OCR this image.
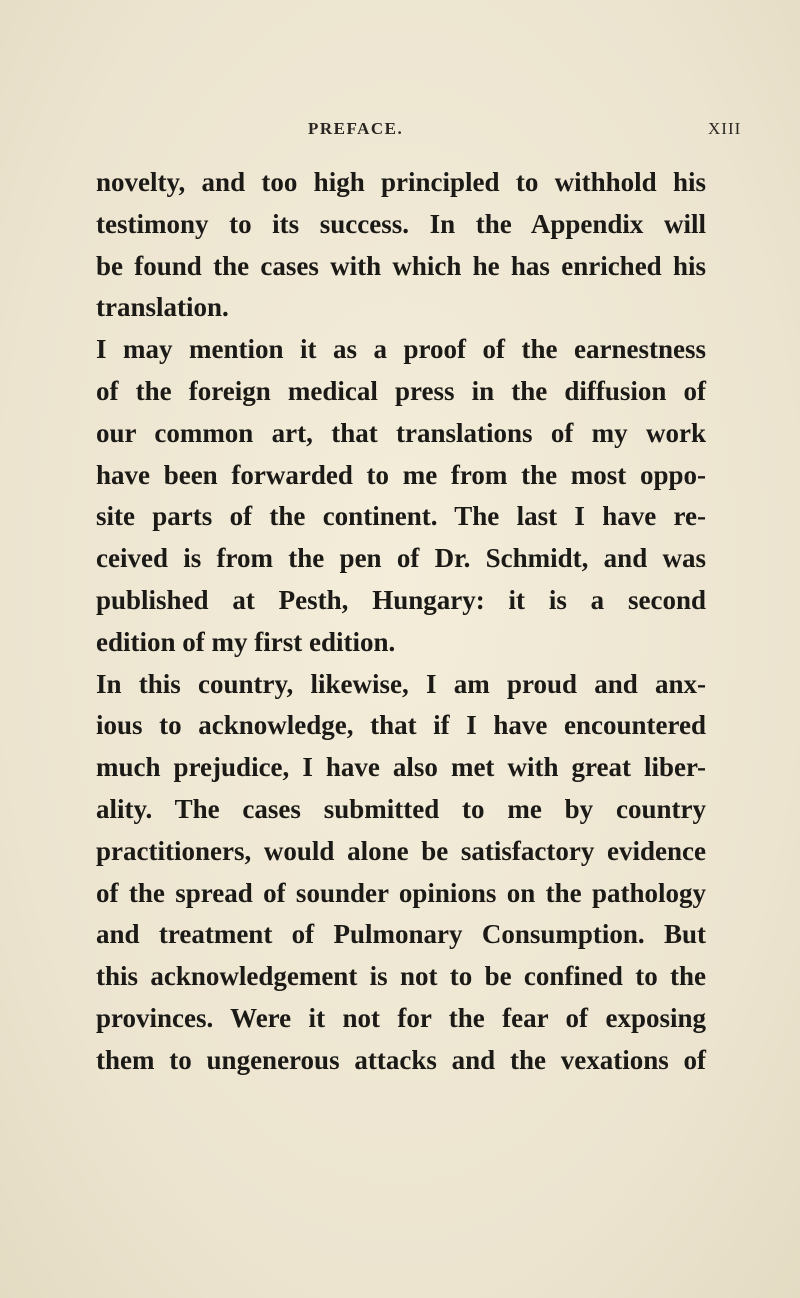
PREFACE.	XIII
novelty, and too high principled to withhold his
testimony to its success. In the Appendix will
be found the cases with which he has enriched his
translation.
I may mention it as a proof of the earnestness
of the foreign medical press in the diffusion of
our common art, that translations of my work
have been forwarded to me from the most oppo-
site parts of the continent. The last I have re-
ceived is from the pen of Dr. Schmidt, and was
published at Pesth, Hungary: it is a second
edition of my first edition.
In this country, likewise, I am proud and anx-
ious to acknowledge, that if I have encountered
much prejudice, I have also met with great liber-
ality. The cases submitted to me by country
practitioners, would alone be satisfactory evidence
of the spread of sounder opinions on the pathology
and treatment of Pulmonary Consumption. But
this acknowledgement is not to be confined to the
provinces. Were it not for the fear of exposing
them to ungenerous attacks and the vexations of
